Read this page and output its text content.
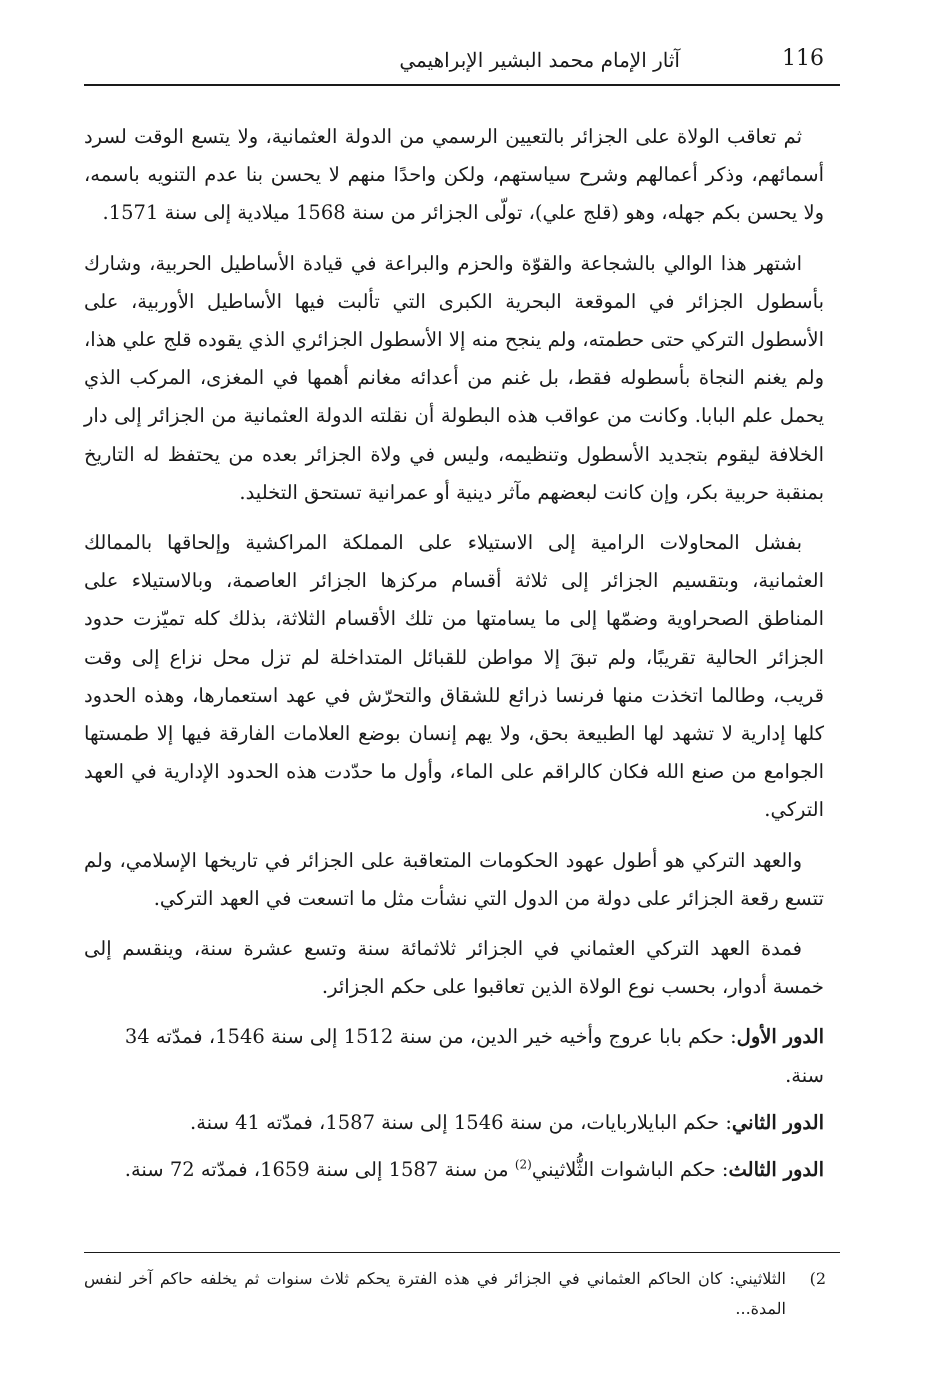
آثار الإمام محمد البشير الإبراهيمي	116

ثم تعاقب الولاة على الجزائر بالتعيين الرسمي من الدولة العثمانية، ولا يتسع الوقت لسرد أسمائهم، وذكر أعمالهم وشرح سياستهم، ولكن واحدًا منهم لا يحسن بنا عدم التنويه باسمه، ولا يحسن بكم جهله، وهو (قلج علي)، تولّى الجزائر من سنة 1568 ميلادية إلى سنة 1571.

اشتهر هذا الوالي بالشجاعة والقوّة والحزم والبراعة في قيادة الأساطيل الحربية، وشارك بأسطول الجزائر في الموقعة البحرية الكبرى التي تألبت فيها الأساطيل الأوربية، على الأسطول التركي حتى حطمته، ولم ينجح منه إلا الأسطول الجزائري الذي يقوده قلج علي هذا، ولم يغنم النجاة بأسطوله فقط، بل غنم من أعدائه مغانم أهمها في المغزى، المركب الذي يحمل علم البابا. وكانت من عواقب هذه البطولة أن نقلته الدولة العثمانية من الجزائر إلى دار الخلافة ليقوم بتجديد الأسطول وتنظيمه، وليس في ولاة الجزائر بعده من يحتفظ له التاريخ بمنقبة حربية بكر، وإن كانت لبعضهم مآثر دينية أو عمرانية تستحق التخليد.

بفشل المحاولات الرامية إلى الاستيلاء على المملكة المراكشية وإلحاقها بالممالك العثمانية، وبتقسيم الجزائر إلى ثلاثة أقسام مركزها الجزائر العاصمة، وبالاستيلاء على المناطق الصحراوية وضمّها إلى ما يسامتها من تلك الأقسام الثلاثة، بذلك كله تميّزت حدود الجزائر الحالية تقريبًا، ولم تبقَ إلا مواطن للقبائل المتداخلة لم تزل محل نزاع إلى وقت قريب، وطالما اتخذت منها فرنسا ذرائع للشقاق والتحرّش في عهد استعمارها، وهذه الحدود كلها إدارية لا تشهد لها الطبيعة بحق، ولا يهم إنسان بوضع العلامات الفارقة فيها إلا طمستها الجوامع من صنع الله فكان كالراقم على الماء، وأول ما حدّدت هذه الحدود الإدارية في العهد التركي.

والعهد التركي هو أطول عهود الحكومات المتعاقبة على الجزائر في تاريخها الإسلامي، ولم تتسع رقعة الجزائر على دولة من الدول التي نشأت مثل ما اتسعت في العهد التركي.

فمدة العهد التركي العثماني في الجزائر ثلاثمائة سنة وتسع عشرة سنة، وينقسم إلى خمسة أدوار، بحسب نوع الولاة الذين تعاقبوا على حكم الجزائر.

الدور الأول: حكم بابا عروج وأخيه خير الدين، من سنة 1512 إلى سنة 1546، فمدّته 34 سنة.

الدور الثاني: حكم البايلاربايات، من سنة 1546 إلى سنة 1587، فمدّته 41 سنة.

الدور الثالث: حكم الباشوات الثُّلاثيني$^{(2)}$ من سنة 1587 إلى سنة 1659، فمدّته 72 سنة.

2)
الثلاثيني: كان الحاكم العثماني في الجزائر في هذه الفترة يحكم ثلاث سنوات ثم يخلفه حاكم آخر لنفس المدة...
